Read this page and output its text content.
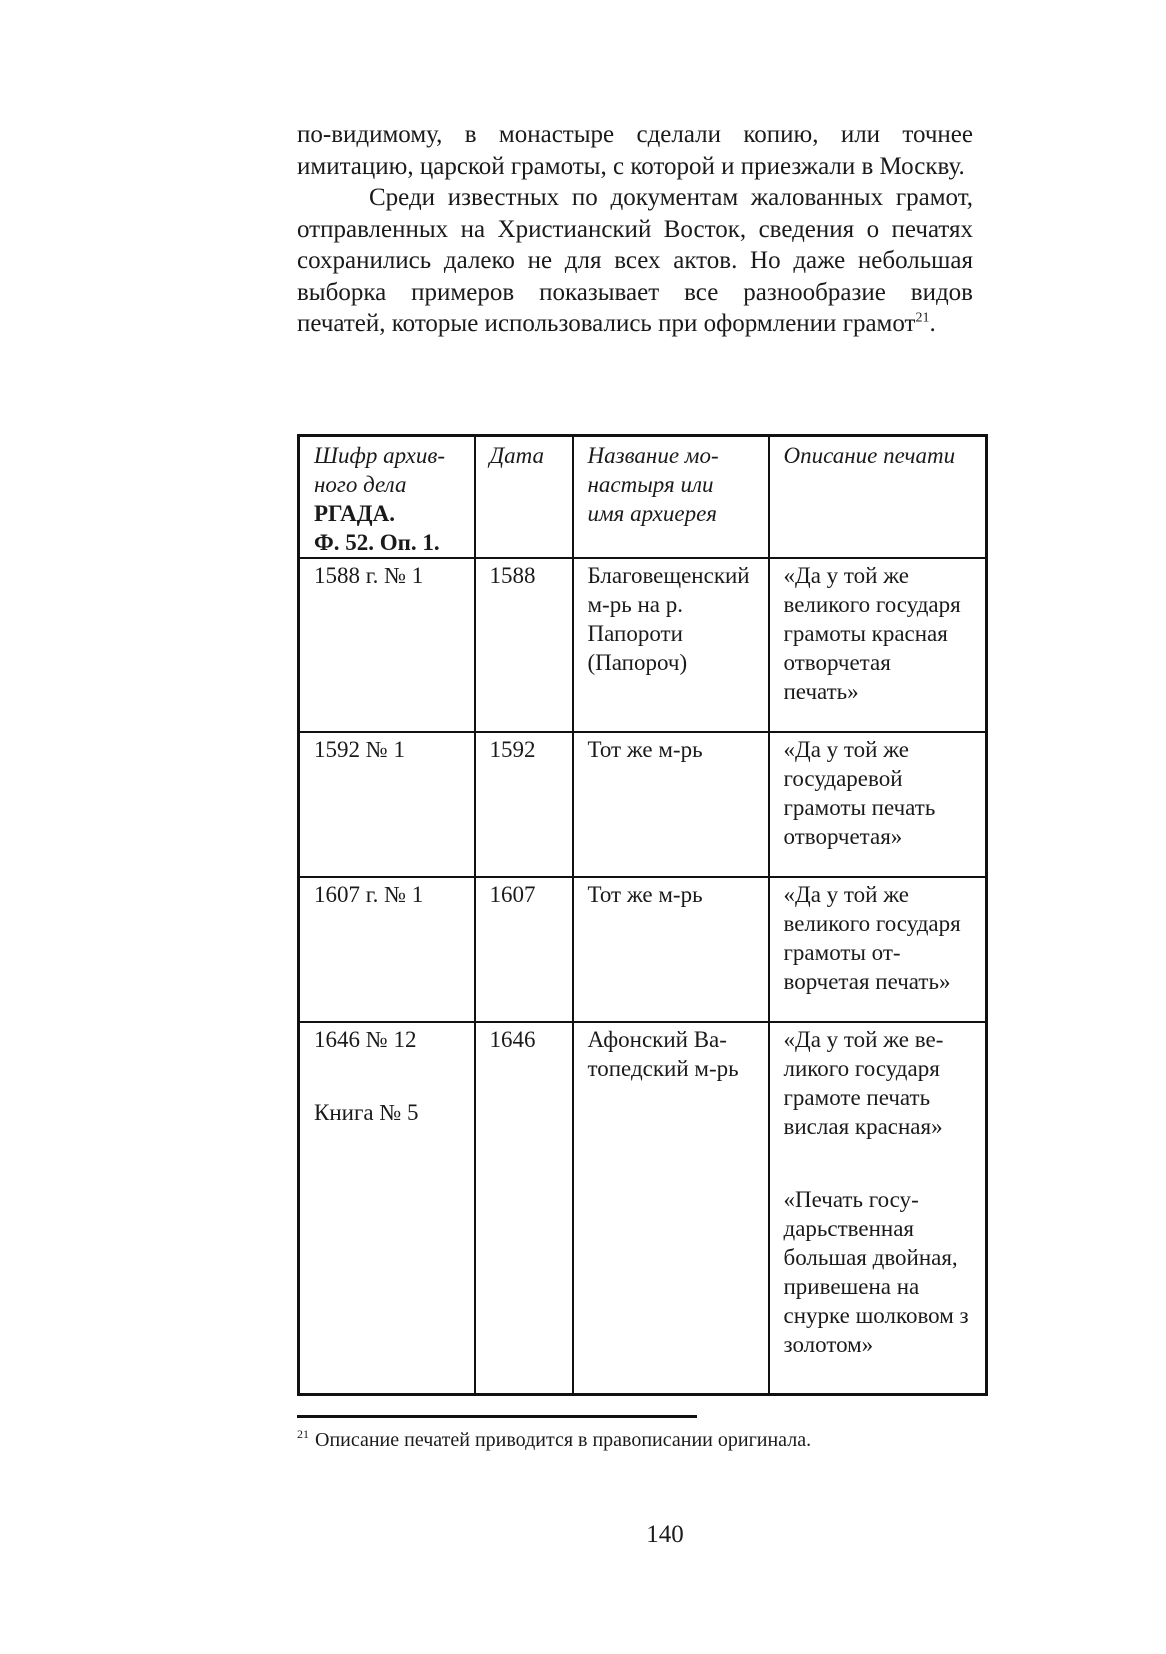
по-видимому, в монастыре сделали копию, или точнее имитацию, царской грамоты, с которой и приезжали в Москву.

Среди известных по документам жалованных грамот, отправленных на Христианский Восток, сведения о печатях сохранились далеко не для всех актов. Но даже небольшая выборка примеров показывает все разнообразие видов печатей, которые использовались при оформлении грамот$^{21}$.

Шифр архивного дела
РГАДА.
Ф. 52. Оп. 1.	Дата	Название монастыря или имя архиерея	Описание печати
1588 г. № 1	1588	Благовещенский м-рь на р. Папороти (Папороч)	«Да у той же великого государя грамоты красная отворчетая печать»
1592 № 1	1592	Тот же м-рь	«Да у той же государевой грамоты печать отворчетая»
1607 г. № 1	1607	Тот же м-рь	«Да у той же великого государя грамоты отворчетая печать»
1646 № 12
Книга № 5	1646	Афонский Ватопедский м-рь	«Да у той же великого государя грамоте печать вислая красная»
«Печать государьственная большая двойная, привешена на снурке шолковом з золотом»
$^{21}$ Описание печатей приводится в правописании оригинала.
140
